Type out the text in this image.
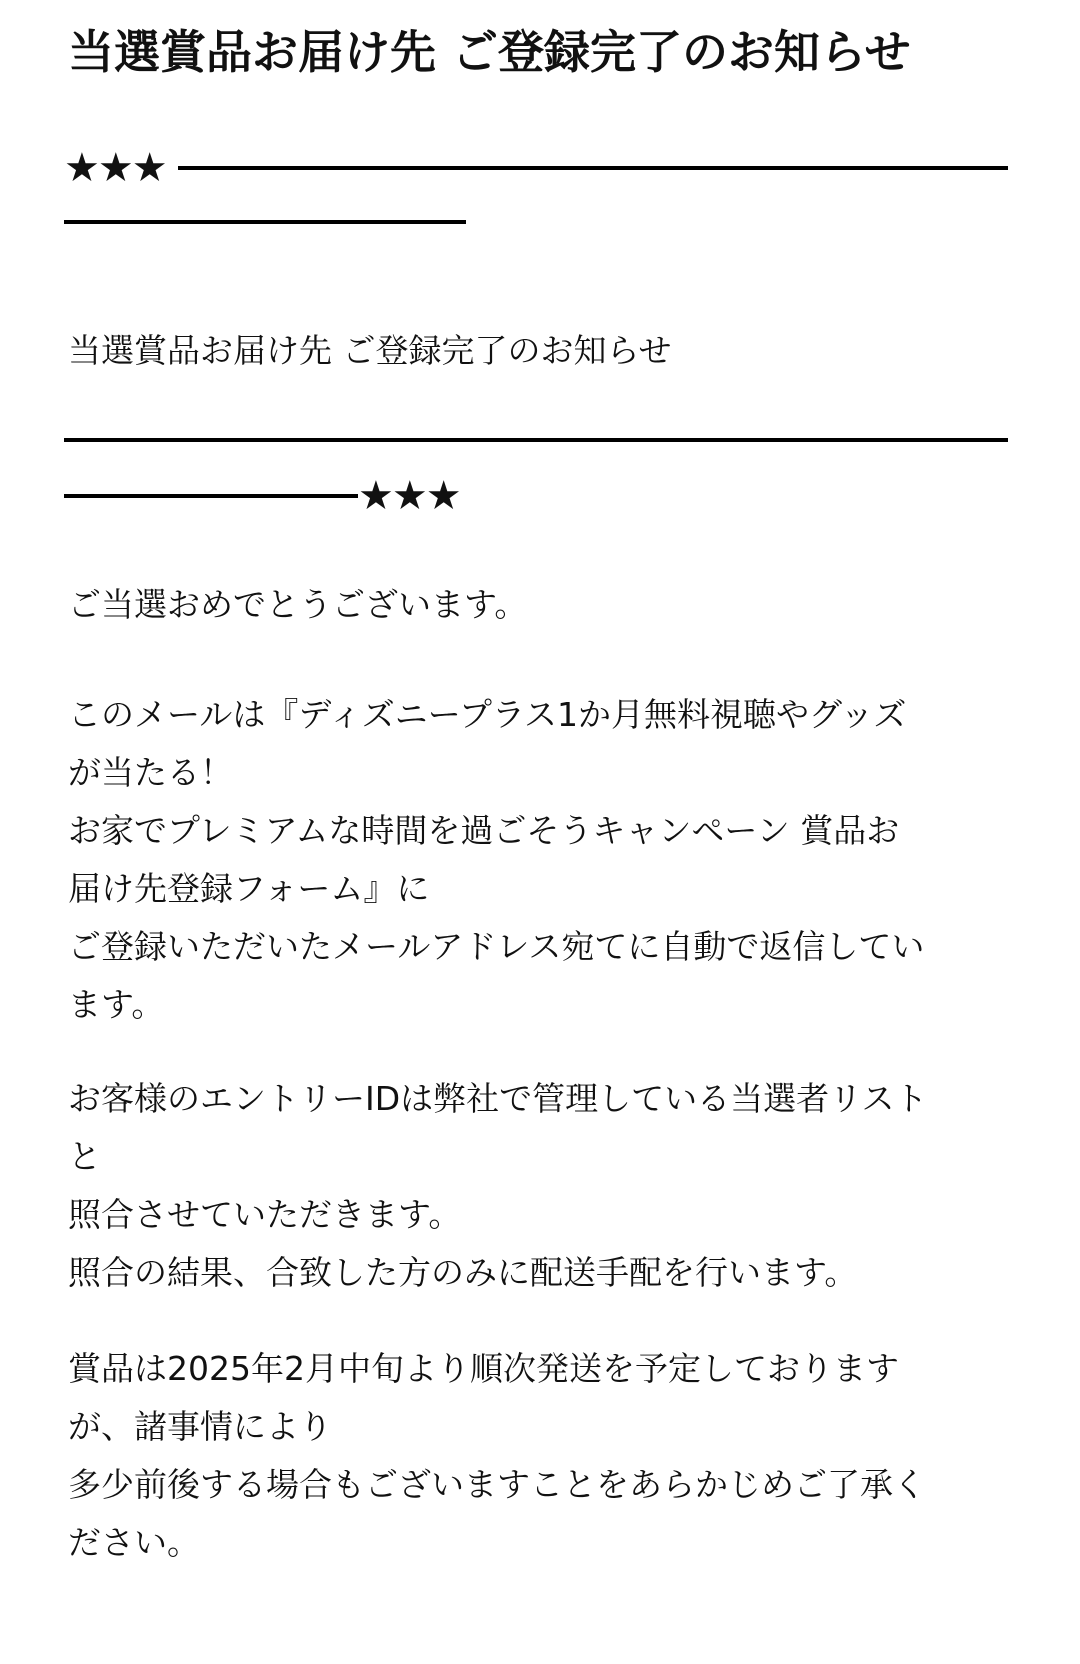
当選賞品お届け先 ご登録完了のお知らせ
★★★
当選賞品お届け先 ご登録完了のお知らせ
★★★
ご当選おめでとうございます。
このメールは『ディズニープラス1か月無料視聴やグッズ
が当たる！
お家でプレミアムな時間を過ごそうキャンペーン 賞品お
届け先登録フォーム』に
ご登録いただいたメールアドレス宛てに自動で返信してい
ます。
お客様のエントリーIDは弊社で管理している当選者リスト
と
照合させていただきます。
照合の結果、合致した方のみに配送手配を行います。
賞品は2025年2月中旬より順次発送を予定しております
が、諸事情により
多少前後する場合もございますことをあらかじめご了承く
ださい。
